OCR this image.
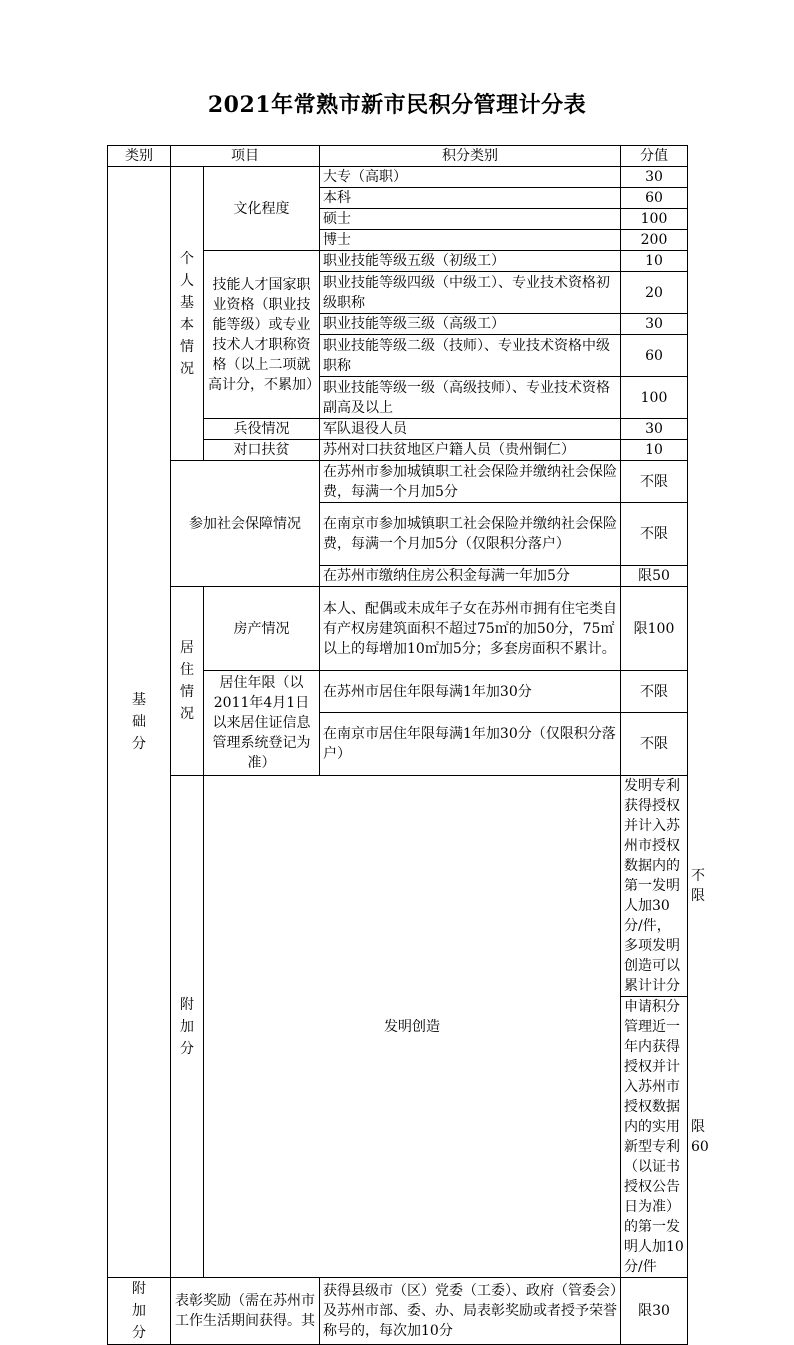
2021年常熟市新市民积分管理计分表
类别	项目		积分类别	分值	
基础分	个人基本情况	文化程度	大专（高职）	30	
			本科	60	
			硕士	100	
			博士	200	
		技能人才国家职业资格（职业技能等级）或专业技术人才职称资格（以上二项就高计分，不累加）	职业技能等级五级（初级工）	10	
			职业技能等级四级（中级工）、专业技术资格初级职称	20	
			职业技能等级三级（高级工）	30	
			职业技能等级二级（技师）、专业技术资格中级职称	60	
			职业技能等级一级（高级技师）、专业技术资格副高及以上	100	
		兵役情况	军队退役人员	30	
		对口扶贫	苏州对口扶贫地区户籍人员（贵州铜仁）	10	
	参加社会保障情况		在苏州市参加城镇职工社会保险并缴纳社会保险费，每满一个月加5分	不限	
			在南京市参加城镇职工社会保险并缴纳社会保险费，每满一个月加5分（仅限积分落户）	不限	
			在苏州市缴纳住房公积金每满一年加5分	限50	
	居住情况	房产情况	本人、配偶或未成年子女在苏州市拥有住宅类自有产权房建筑面积不超过75㎡的加50分，75㎡以上的每增加10㎡加5分；多套房面积不累计。	限100	
		居住年限（以2011年4月1日以来居住证信息管理系统登记为准）	在苏州市居住年限每满1年加30分	不限	
			在南京市居住年限每满1年加30分（仅限积分落户）	不限	
	附加分	发明创造		发明专利获得授权并计入苏州市授权数据内的第一发明人加30分/件，多项发明创造可以累计计分	不限
				申请积分管理近一年内获得授权并计入苏州市授权数据内的实用新型专利（以证书授权公告日为准）的第一发明人加10分/件	限60
附加分	表彰奖励（需在苏州市工作生活期间获得。其		获得县级市（区）党委（工委）、政府（管委会）及苏州市部、委、办、局表彰奖励或者授予荣誉称号的，每次加10分	限30	
